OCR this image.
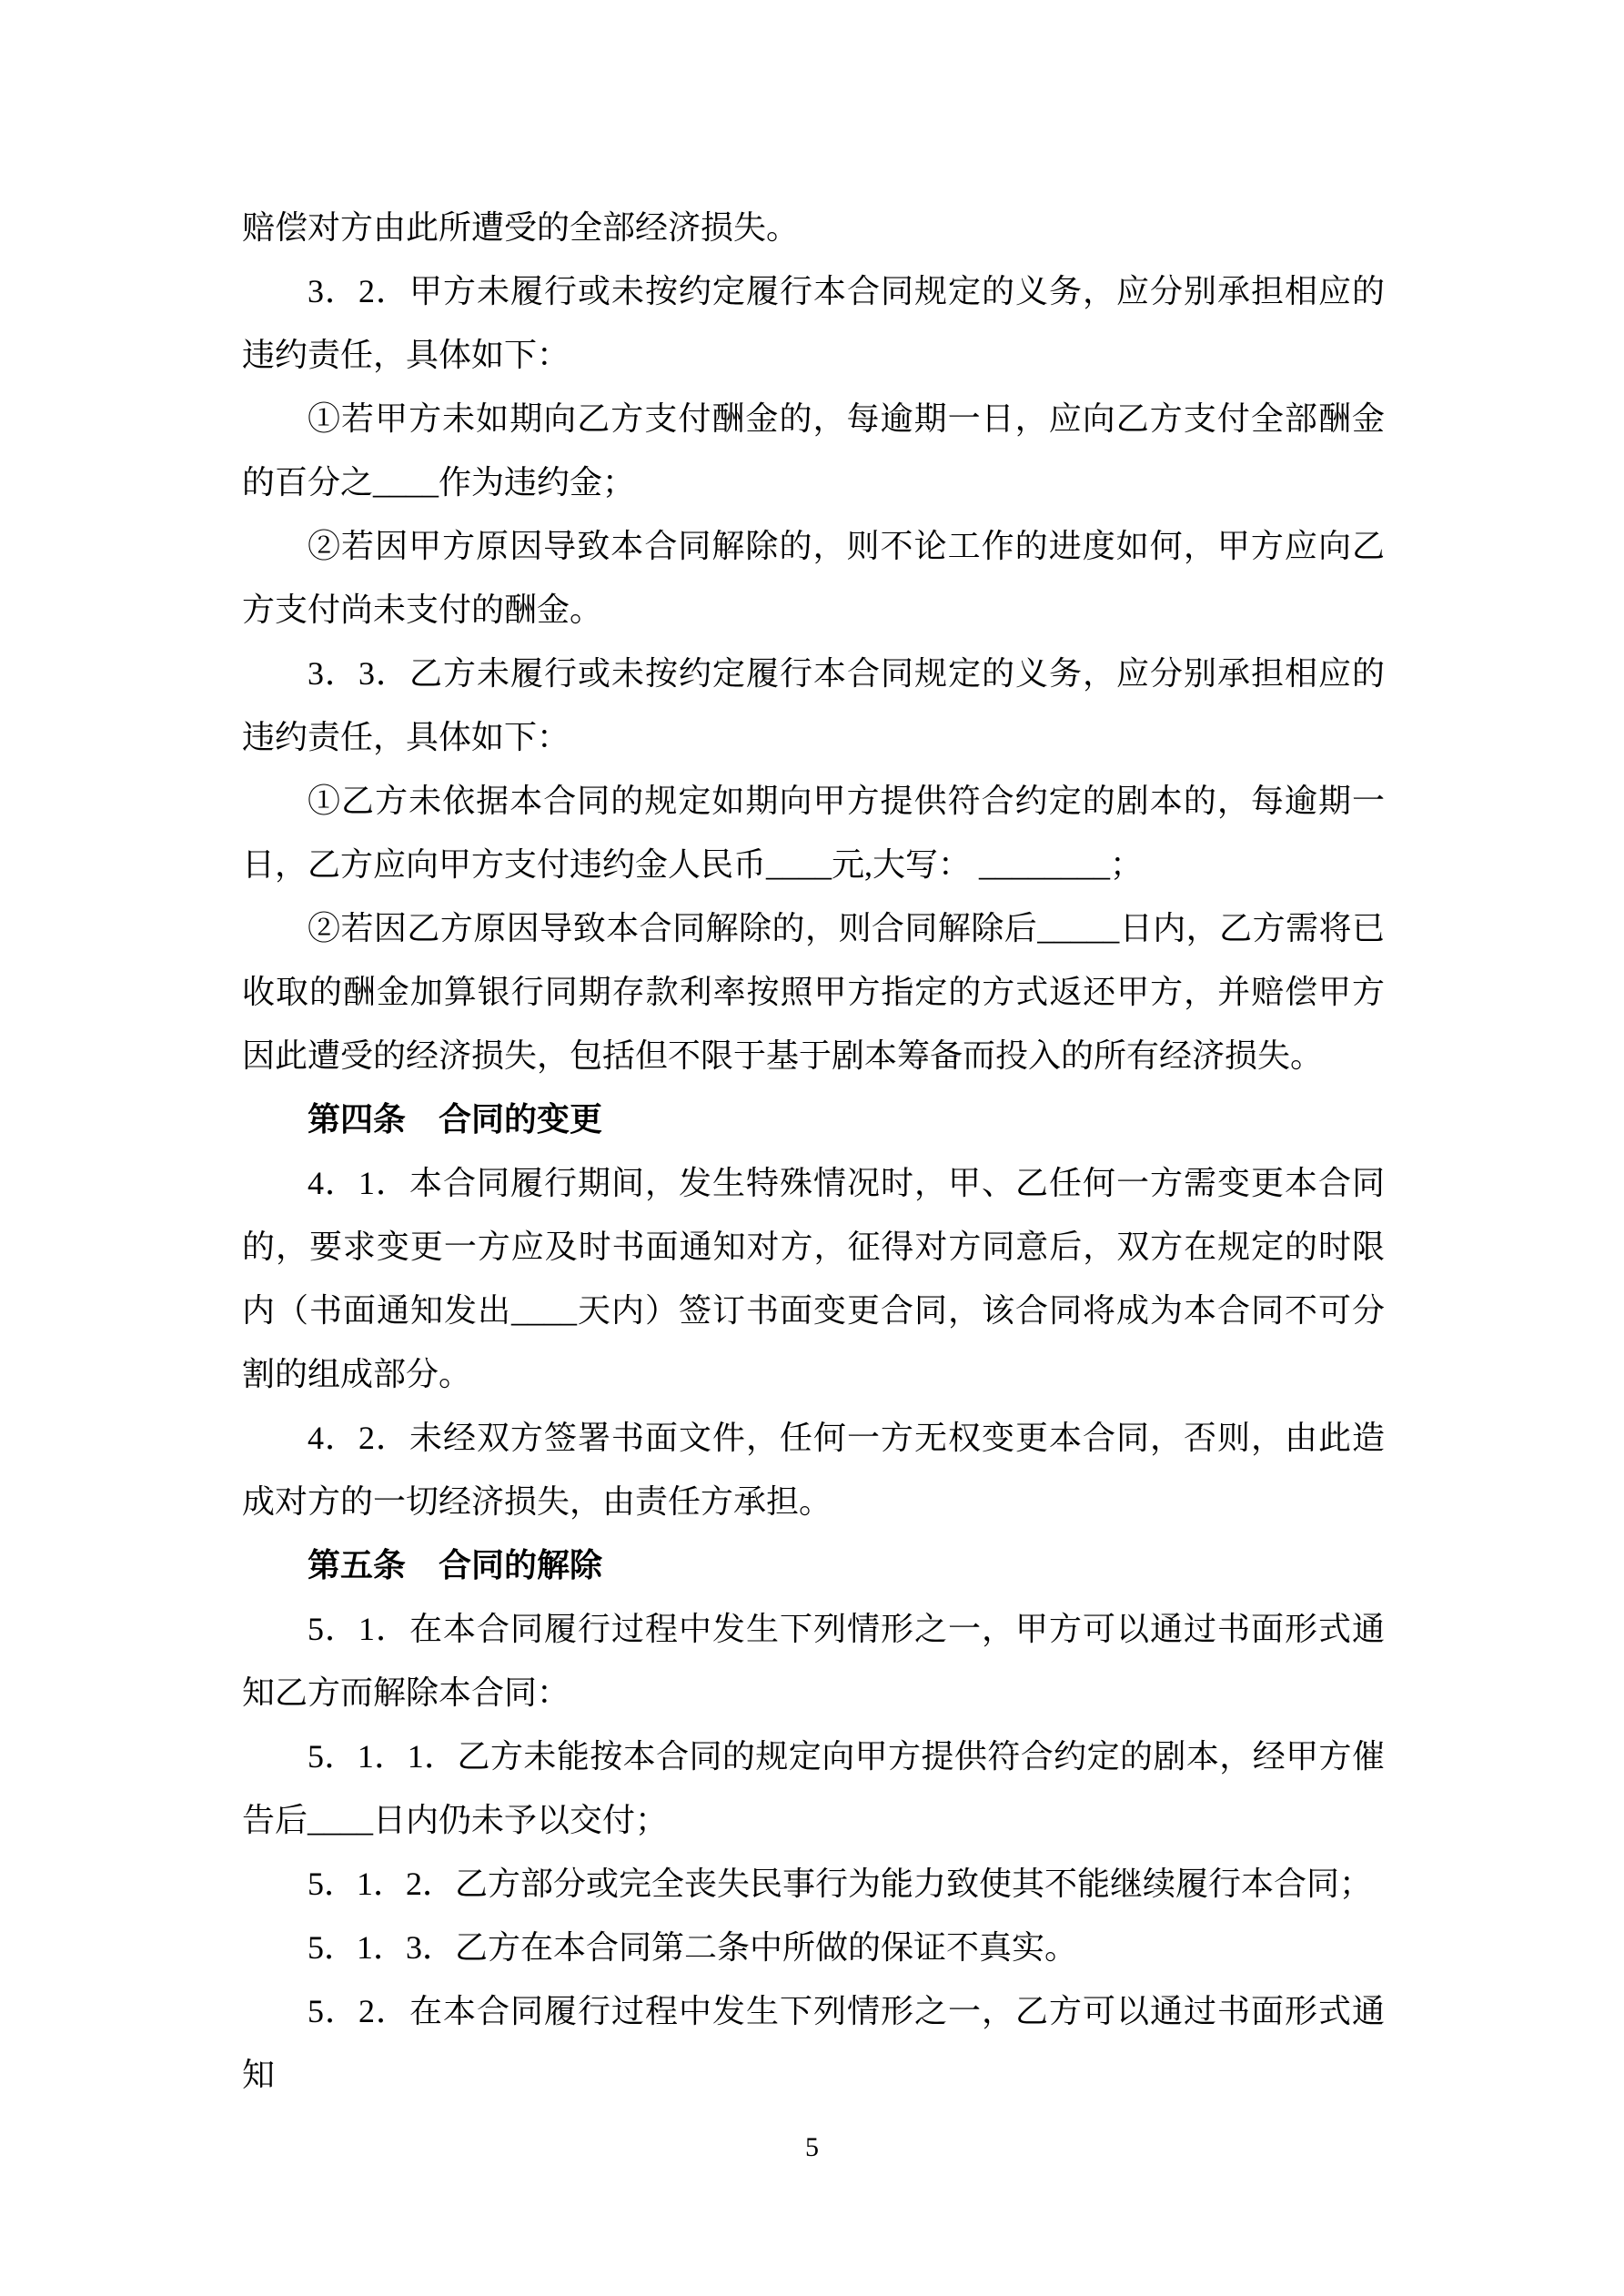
赔偿对方由此所遭受的全部经济损失。

3．2．甲方未履行或未按约定履行本合同规定的义务，应分别承担相应的违约责任，具体如下：

①若甲方未如期向乙方支付酬金的，每逾期一日，应向乙方支付全部酬金的百分之____作为违约金；

②若因甲方原因导致本合同解除的，则不论工作的进度如何，甲方应向乙方支付尚未支付的酬金。

3．3．乙方未履行或未按约定履行本合同规定的义务，应分别承担相应的违约责任，具体如下：

①乙方未依据本合同的规定如期向甲方提供符合约定的剧本的，每逾期一日，乙方应向甲方支付违约金人民币____元,大写： ________；

②若因乙方原因导致本合同解除的，则合同解除后_____日内，乙方需将已收取的酬金加算银行同期存款利率按照甲方指定的方式返还甲方，并赔偿甲方因此遭受的经济损失，包括但不限于基于剧本筹备而投入的所有经济损失。

第四条　合同的变更

4．1．本合同履行期间，发生特殊情况时，甲、乙任何一方需变更本合同的，要求变更一方应及时书面通知对方，征得对方同意后，双方在规定的时限内（书面通知发出____天内）签订书面变更合同，该合同将成为本合同不可分割的组成部分。

4．2．未经双方签署书面文件，任何一方无权变更本合同，否则，由此造成对方的一切经济损失，由责任方承担。

第五条　合同的解除

5．1．在本合同履行过程中发生下列情形之一，甲方可以通过书面形式通知乙方而解除本合同：

5．1．1．乙方未能按本合同的规定向甲方提供符合约定的剧本，经甲方催告后____日内仍未予以交付；

5．1．2．乙方部分或完全丧失民事行为能力致使其不能继续履行本合同；

5．1．3．乙方在本合同第二条中所做的保证不真实。

5．2．在本合同履行过程中发生下列情形之一，乙方可以通过书面形式通知

5
